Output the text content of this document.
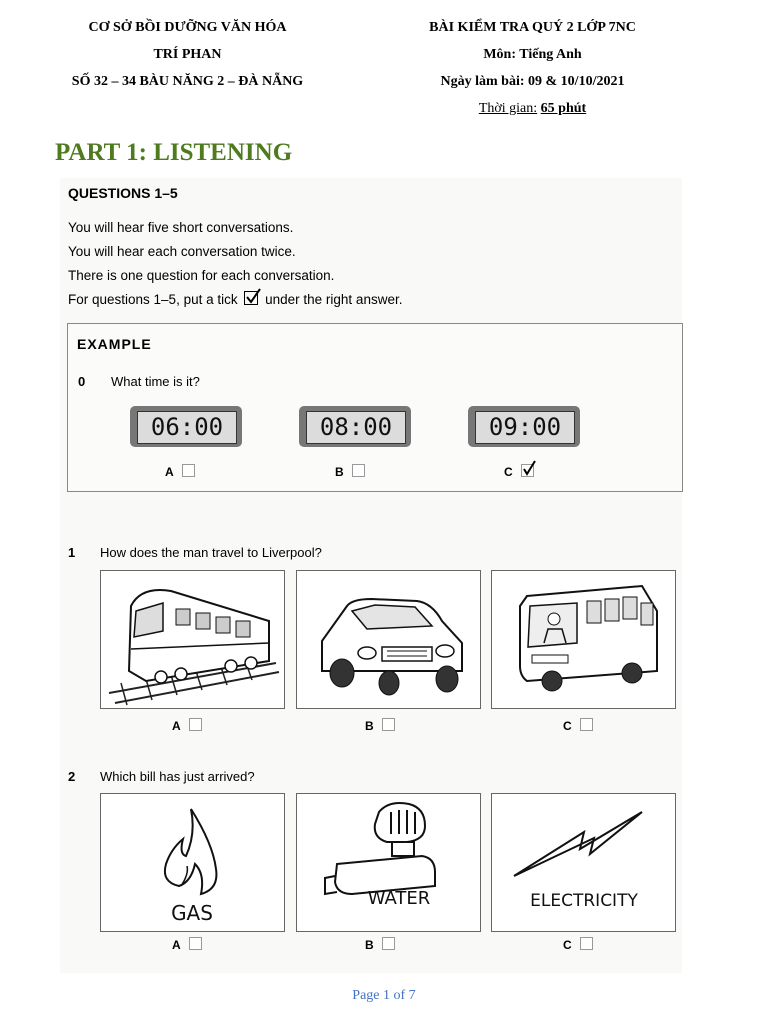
CƠ SỞ BỒI DƯỠNG VĂN HÓA
TRÍ PHAN
SỐ 32 – 34 BÀU NĂNG 2 – ĐÀ NẴNG
BÀI KIỂM TRA QUÝ 2 LỚP 7NC
Môn: Tiếng Anh
Ngày làm bài: 09 & 10/10/2021
Thời gian: 65 phút
PART 1: LISTENING
QUESTIONS 1–5
You will hear five short conversations.
You will hear each conversation twice.
There is one question for each conversation.
For questions 1–5, put a tick under the right answer.
EXAMPLE
0 What time is it?
06:00	08:00	09:00
A	B	C
1 How does the man travel to Liverpool?
A	B	C
2 Which bill has just arrived?
GAS
WATER	ELECTRICITY
A	B	C
Page 1 of 7
